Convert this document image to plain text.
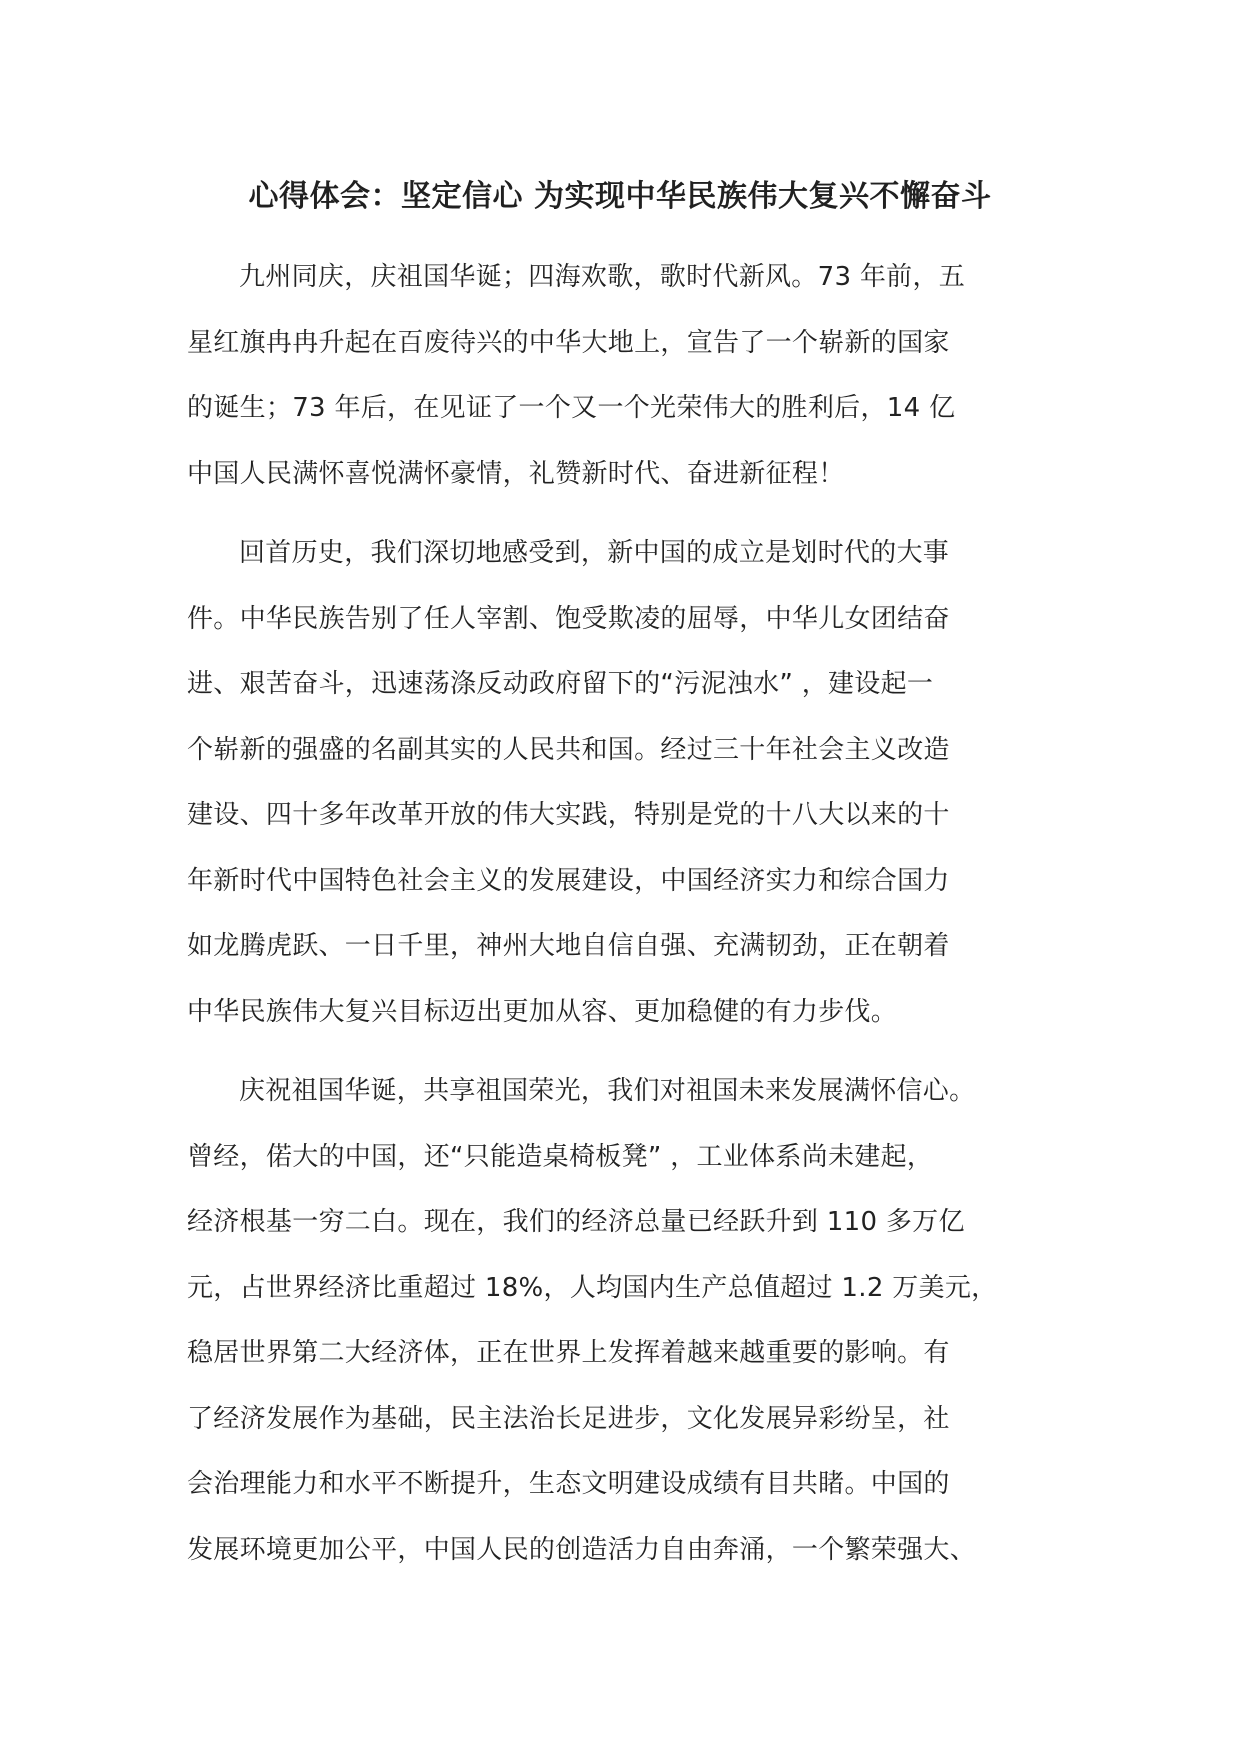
心得体会：坚定信心 为实现中华民族伟大复兴不懈奋斗
九州同庆，庆祖国华诞；四海欢歌，歌时代新风。73 年前，五
星红旗冉冉升起在百废待兴的中华大地上，宣告了一个崭新的国家
的诞生；73 年后，在见证了一个又一个光荣伟大的胜利后，14 亿
中国人民满怀喜悦满怀豪情，礼赞新时代、奋进新征程！
回首历史，我们深切地感受到，新中国的成立是划时代的大事
件。中华民族告别了任人宰割、饱受欺凌的屈辱，中华儿女团结奋
进、艰苦奋斗，迅速荡涤反动政府留下的“污泥浊水” ，建设起一
个崭新的强盛的名副其实的人民共和国。经过三十年社会主义改造
建设、四十多年改革开放的伟大实践，特别是党的十八大以来的十
年新时代中国特色社会主义的发展建设，中国经济实力和综合国力
如龙腾虎跃、一日千里，神州大地自信自强、充满韧劲，正在朝着
中华民族伟大复兴目标迈出更加从容、更加稳健的有力步伐。
庆祝祖国华诞，共享祖国荣光，我们对祖国未来发展满怀信心。
曾经，偌大的中国，还“只能造桌椅板凳” ，工业体系尚未建起，
经济根基一穷二白。现在，我们的经济总量已经跃升到 110 多万亿
元，占世界经济比重超过 18%，人均国内生产总值超过 1.2 万美元，
稳居世界第二大经济体，正在世界上发挥着越来越重要的影响。有
了经济发展作为基础，民主法治长足进步，文化发展异彩纷呈，社
会治理能力和水平不断提升，生态文明建设成绩有目共睹。中国的
发展环境更加公平，中国人民的创造活力自由奔涌，一个繁荣强大、
